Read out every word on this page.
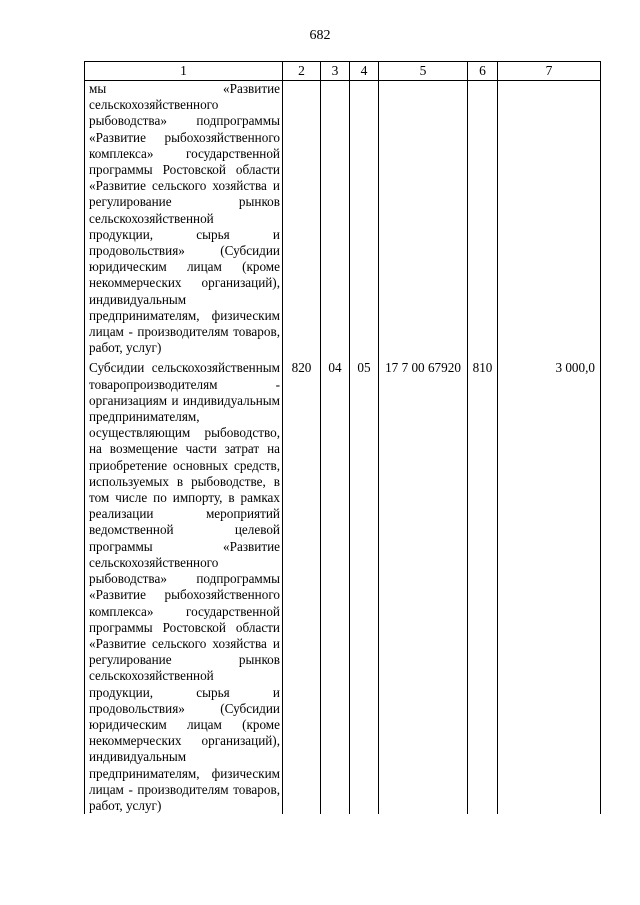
682
1	2	3	4	5	6	7
мы «Развитие сельскохозяйственного рыбоводства» подпрограммы «Развитие рыбохозяйственного комплекса» государственной программы Ростовской области «Развитие сельского хозяйства и регулирование рынков сельскохозяйственной продукции, сырья и продовольствия» (Субсидии юридическим лицам (кроме некоммерческих организаций), индивидуальным предпринимателям, физическим лицам - производителям товаров, работ, услуг)						
Субсидии сельскохозяйственным товаропроизводителям - организациям и индивидуальным предпринимателям, осуществляющим рыбоводство, на возмещение части затрат на приобретение основных средств, используемых в рыбоводстве, в том числе по импорту, в рамках реализации мероприятий ведомственной целевой программы «Развитие сельскохозяйственного рыбоводства» подпрограммы «Развитие рыбохозяйственного комплекса» государственной программы Ростовской области «Развитие сельского хозяйства и регулирование рынков сельскохозяйственной продукции, сырья и продовольствия» (Субсидии юридическим лицам (кроме некоммерческих организаций), индивидуальным предпринимателям, физическим лицам - производителям товаров, работ, услуг)	820	04	05	17 7 00 67920	810	3 000,0
